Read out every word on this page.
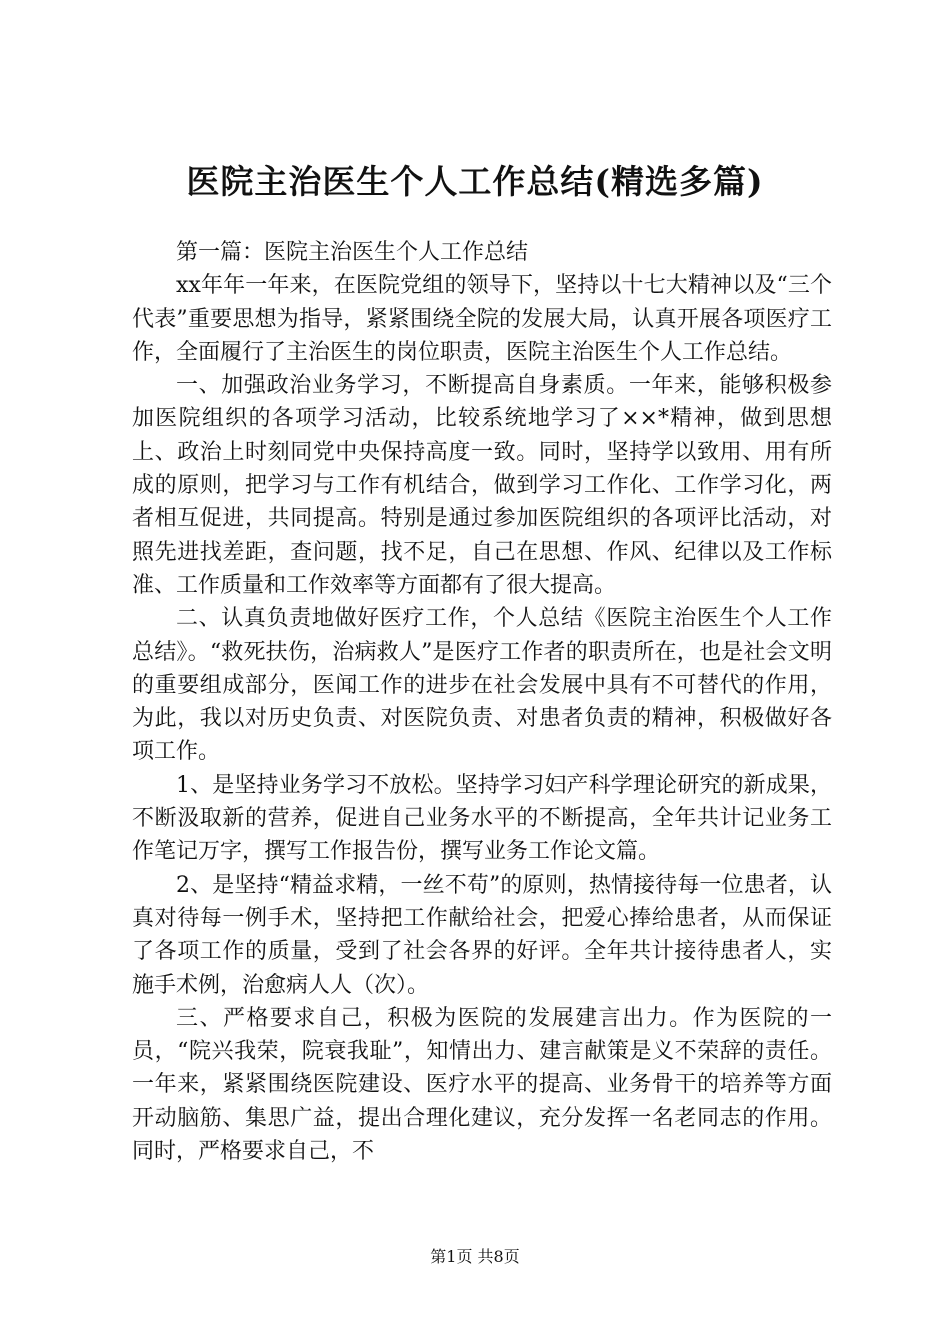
医院主治医生个人工作总结(精选多篇)

第一篇：医院主治医生个人工作总结

xx年年一年来，在医院党组的领导下，坚持以十七大精神以及“三个代表”重要思想为指导，紧紧围绕全院的发展大局，认真开展各项医疗工作，全面履行了主治医生的岗位职责，医院主治医生个人工作总结。

一、加强政治业务学习，不断提高自身素质。一年来，能够积极参加医院组织的各项学习活动，比较系统地学习了××*精神，做到思想上、政治上时刻同党中央保持高度一致。同时，坚持学以致用、用有所成的原则，把学习与工作有机结合，做到学习工作化、工作学习化，两者相互促进，共同提高。特别是通过参加医院组织的各项评比活动，对照先进找差距，查问题，找不足，自己在思想、作风、纪律以及工作标准、工作质量和工作效率等方面都有了很大提高。

二、认真负责地做好医疗工作，个人总结《医院主治医生个人工作总结》。“救死扶伤，治病救人”是医疗工作者的职责所在，也是社会文明的重要组成部分，医闻工作的进步在社会发展中具有不可替代的作用，为此，我以对历史负责、对医院负责、对患者负责的精神，积极做好各项工作。

1、是坚持业务学习不放松。坚持学习妇产科学理论研究的新成果，不断汲取新的营养，促进自己业务水平的不断提高，全年共计记业务工作笔记万字，撰写工作报告份，撰写业务工作论文篇。

2、是坚持“精益求精，一丝不苟”的原则，热情接待每一位患者，认真对待每一例手术，坚持把工作献给社会，把爱心捧给患者，从而保证了各项工作的质量，受到了社会各界的好评。全年共计接待患者人，实施手术例，治愈病人人（次）。

三、严格要求自己，积极为医院的发展建言出力。作为医院的一员，“院兴我荣，院衰我耻”，知情出力、建言献策是义不荣辞的责任。一年来，紧紧围绕医院建设、医疗水平的提高、业务骨干的培养等方面开动脑筋、集思广益，提出合理化建议，充分发挥一名老同志的作用。同时，严格要求自己，不

第1页 共8页
